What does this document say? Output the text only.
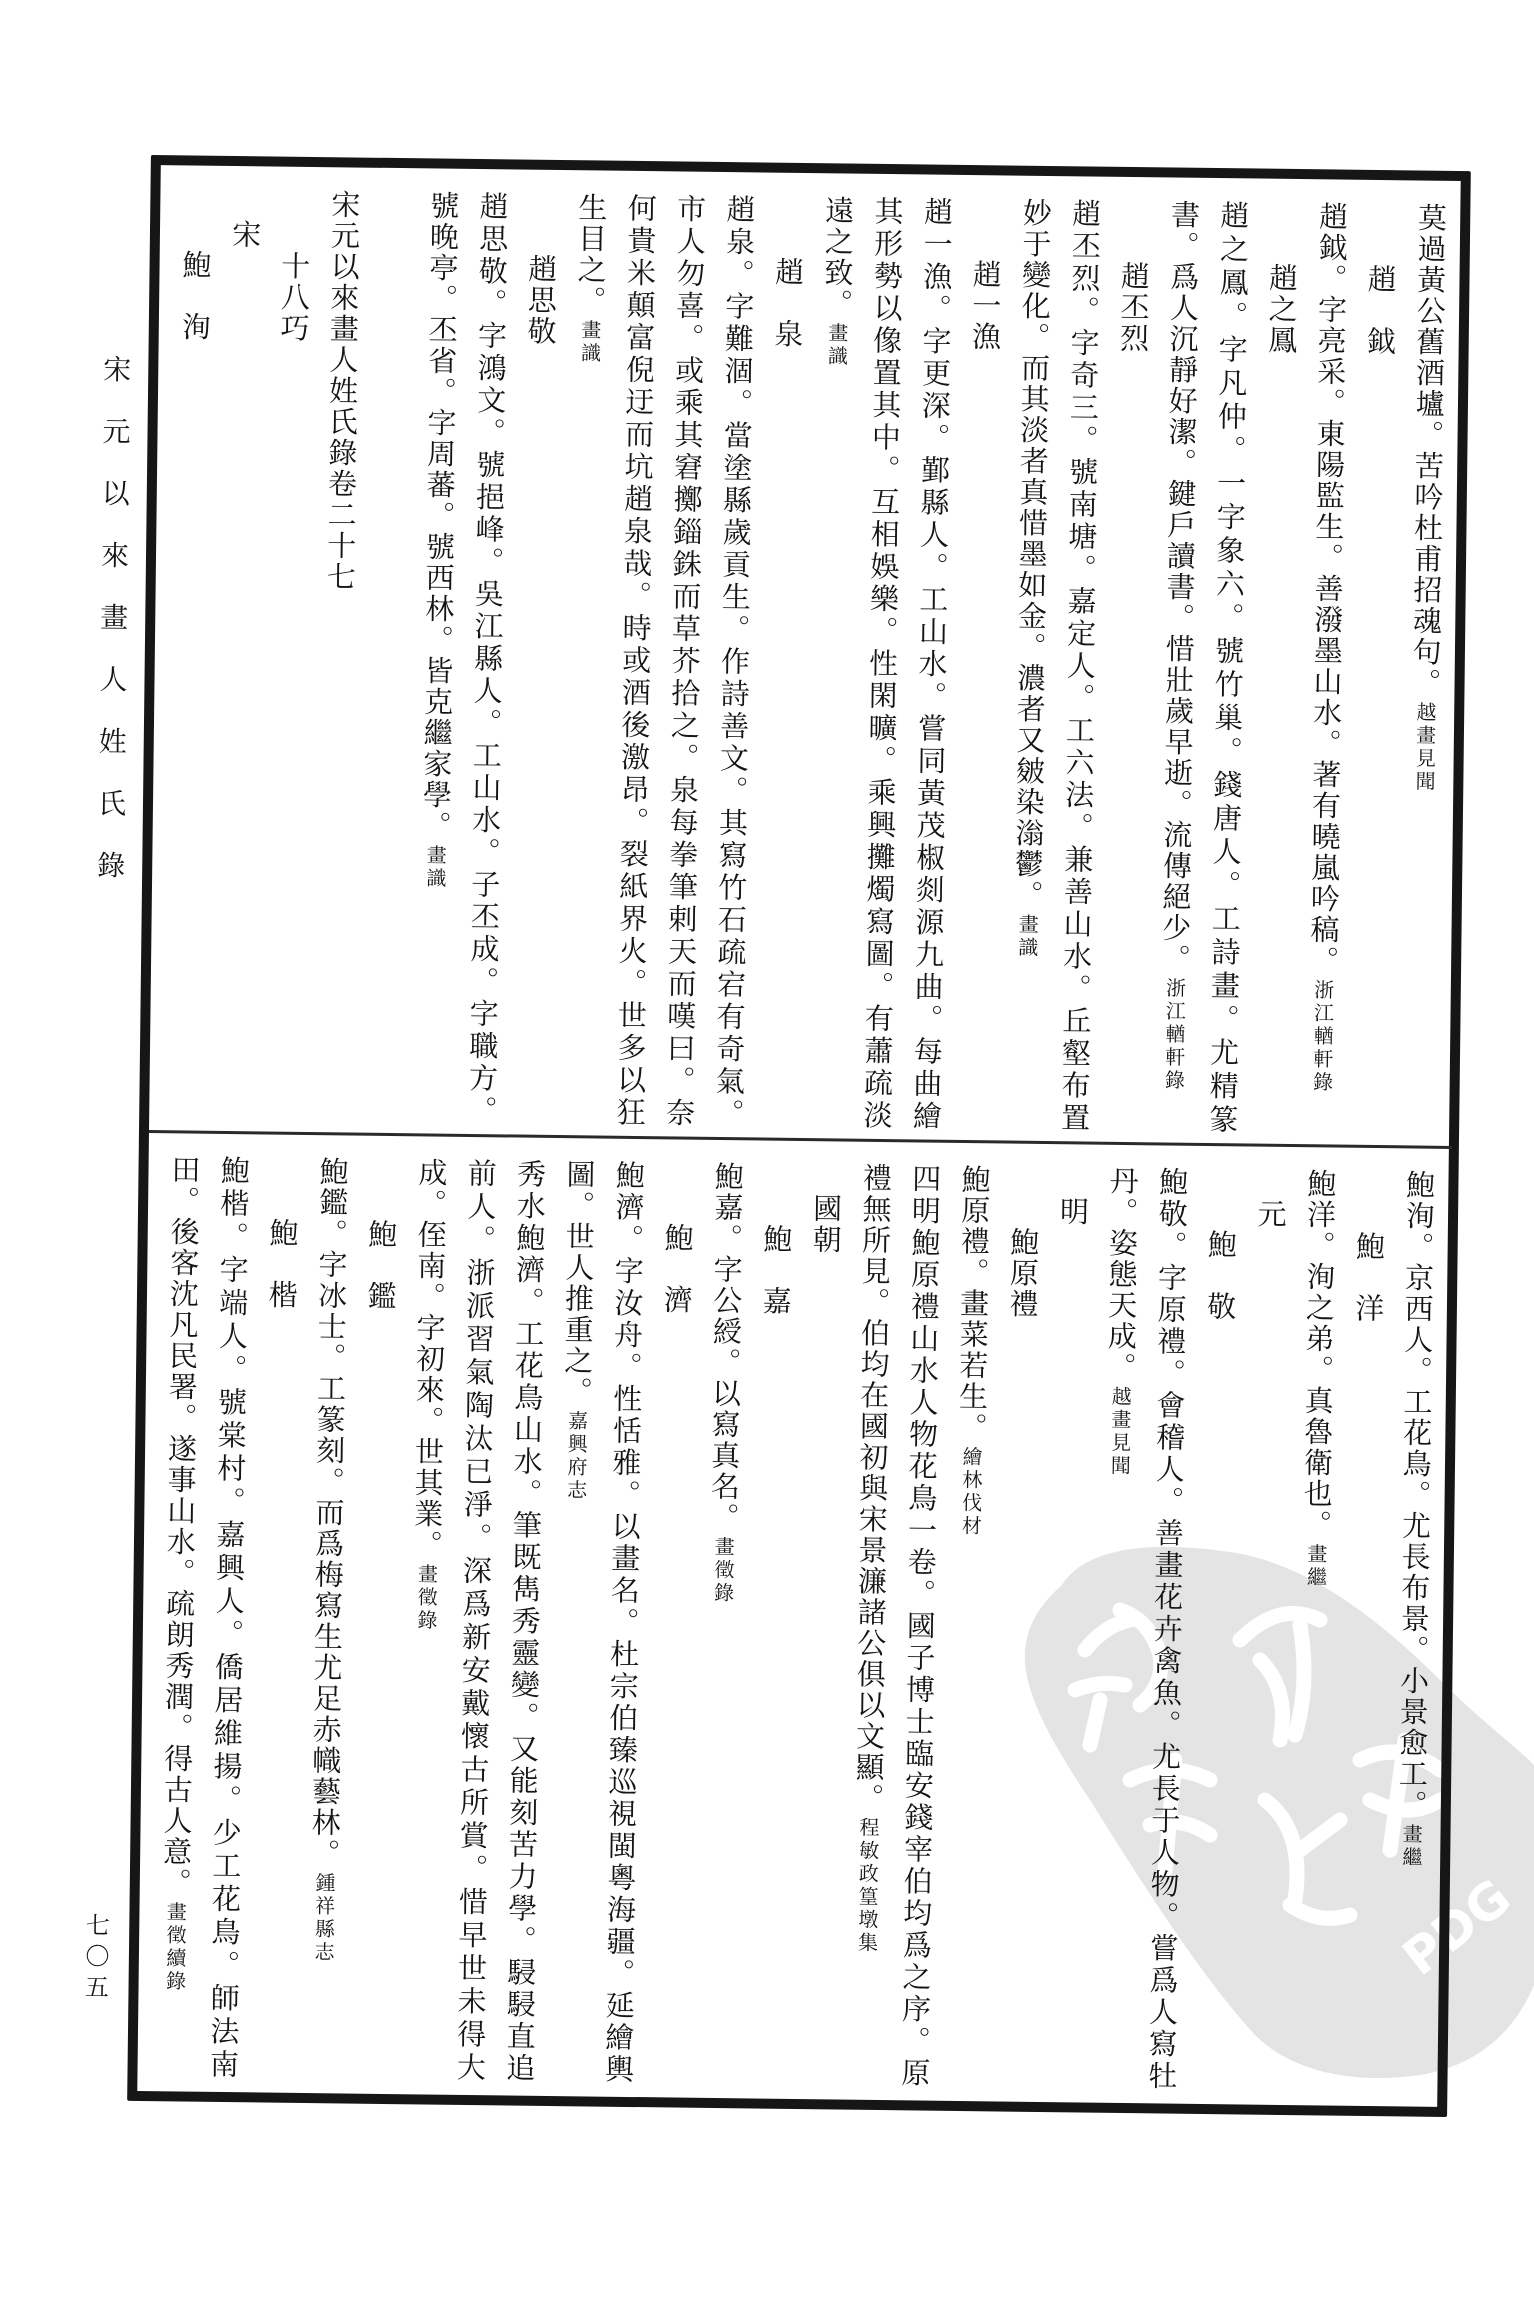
PDG
宋元以來畫人姓氏錄
七〇五
莫過黃公舊酒壚。苦吟杜甫招魂句。越畫見聞
趙　鉞
趙鉞。字亮采。東陽監生。善潑墨山水。著有曉嵐吟稿。浙江輶軒錄
趙之鳳
趙之鳳。字凡仲。一字象六。號竹巢。錢唐人。工詩畫。尤精篆
書。爲人沉靜好潔。鍵戶讀書。惜壯歲早逝。流傳絕少。浙江輶軒錄
趙丕烈
趙丕烈。字奇三。號南塘。嘉定人。工六法。兼善山水。丘壑布置
妙于變化。而其淡者真惜墨如金。濃者又皴染滃鬱。畫識
趙一漁
趙一漁。字更深。鄞縣人。工山水。嘗同黃茂椒剡源九曲。每曲繪
其形勢以像置其中。互相娛樂。性閑曠。乘興攤燭寫圖。有蕭疏淡
遠之致。畫識
趙　泉
趙泉。字難涸。當塗縣歲貢生。作詩善文。其寫竹石疏宕有奇氣。
市人勿喜。或乘其窘擲錙銖而草芥拾之。泉每拳筆剌天而嘆曰。奈
何貴米顛富倪迂而坑趙泉哉。時或酒後激昂。裂紙界火。世多以狂
生目之。畫識
趙思敬
趙思敬。字鴻文。號挹峰。吳江縣人。工山水。子丕成。字職方。
號晚亭。丕省。字周蕃。號西林。皆克繼家學。畫識
宋元以來畫人姓氏錄卷二十七
十八巧
宋
鮑　洵
鮑洵。京西人。工花鳥。尤長布景。小景愈工。畫繼
鮑　洋
鮑洋。洵之弟。真魯衛也。畫繼
元
鮑　敬
鮑敬。字原禮。會稽人。善畫花卉禽魚。尤長于人物。嘗爲人寫牡
丹。姿態天成。越畫見聞
明
鮑原禮
鮑原禮。畫菜若生。繪林伐材
四明鮑原禮山水人物花鳥一卷。國子博士臨安錢宰伯均爲之序。原
禮無所見。伯均在國初與宋景濂諸公俱以文顯。程敏政篁墩集
國朝
鮑　嘉
鮑嘉。字公綬。以寫真名。畫徵錄
鮑　濟
鮑濟。字汝舟。性恬雅。以畫名。杜宗伯臻巡視閩粵海疆。延繪輿
圖。世人推重之。嘉興府志
秀水鮑濟。工花鳥山水。筆既雋秀靈變。又能刻苦力學。駸駸直追
前人。浙派習氣陶汰已淨。深爲新安戴懷古所賞。惜早世未得大
成。侄南。字初來。世其業。畫徵錄
鮑　鑑
鮑鑑。字冰士。工篆刻。而爲梅寫生尤足赤幟藝林。鍾祥縣志
鮑　楷
鮑楷。字端人。號棠村。嘉興人。僑居維揚。少工花鳥。師法南
田。後客沈凡民署。遂事山水。疏朗秀潤。得古人意。畫徵續錄
